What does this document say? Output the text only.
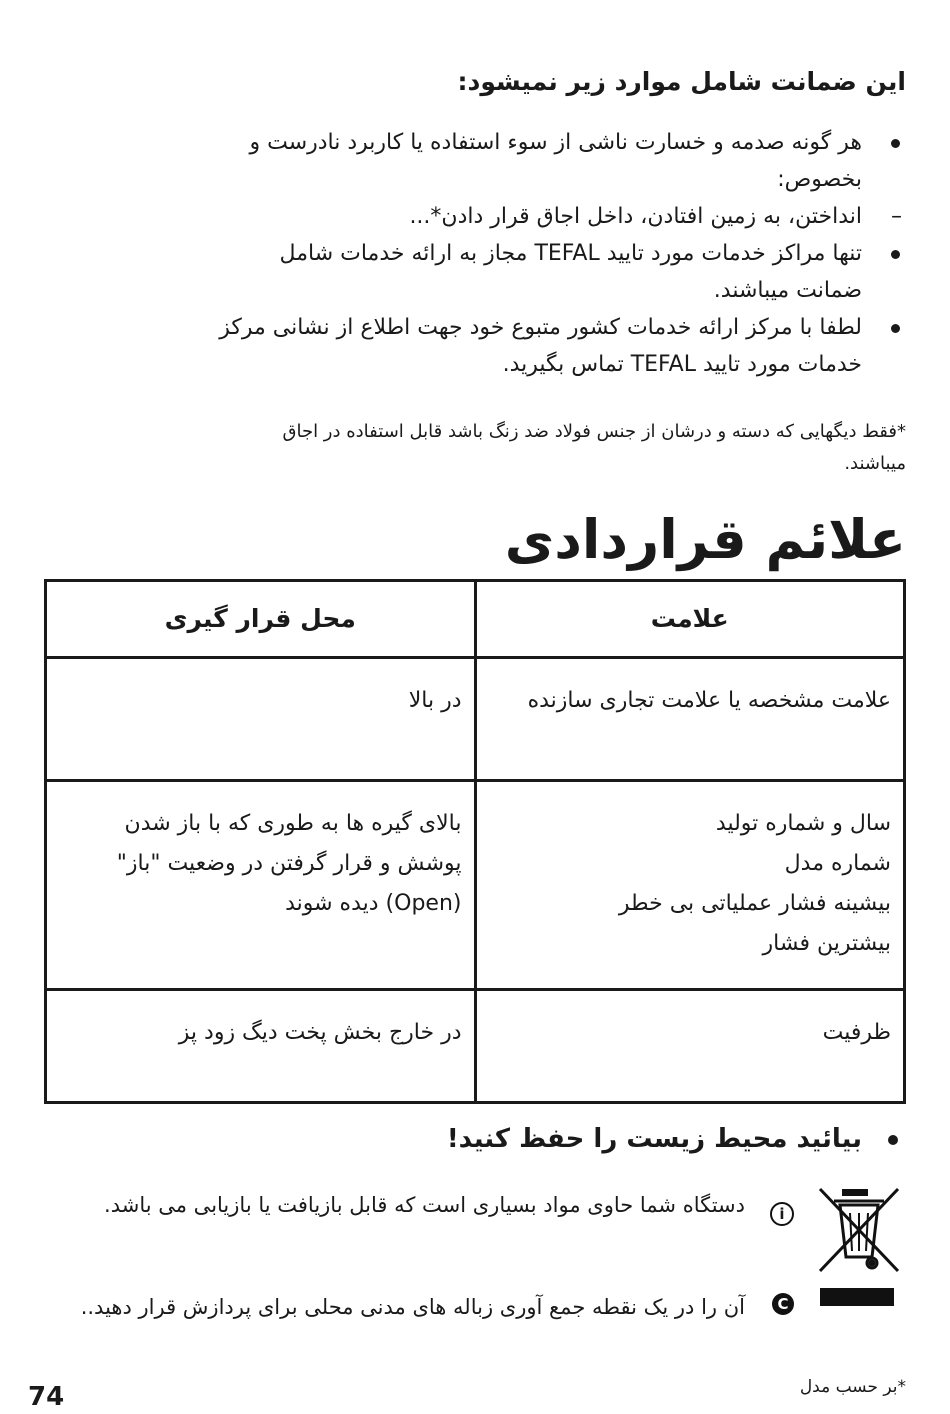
این ضمانت شامل موارد زیر نمیشود:
هر گونه صدمه و خسارت ناشی از سوء استفاده یا کاربرد نادرست و بخصوص:
– انداختن، به زمین افتادن، داخل اجاق قرار دادن*...
تنها مراکز خدمات مورد تایید TEFAL مجاز به ارائه خدمات شامل ضمانت میباشند.
لطفا با مرکز ارائه خدمات کشور متبوع خود جهت اطلاع از نشانی مرکز خدمات مورد تایید TEFAL تماس بگیرید.
*فقط دیگهایی که دسته و درشان از جنس فولاد ضد زنگ باشد قابل استفاده در اجاق میباشند.
علائم قراردادی
علامت	محل قرار گیری
علامت مشخصه یا علامت تجاری سازنده	در بالا
سال و شماره تولید
شماره مدل
بیشینه فشار عملیاتی بی خطر
بیشترین فشار	بالای گیره ها به طوری که با باز شدن پوشش و قرار گرفتن در وضعیت "باز" (Open) دیده شوند
ظرفیت	در خارج بخش پخت دیگ زود پز
بیائید محیط زیست را حفظ کنید!
i
دستگاه شما حاوی مواد بسیاری است که قابل بازیافت یا بازیابی می باشد.
C
آن را در یک نقطه جمع آوری زباله های مدنی محلی برای پردازش قرار دهید..
74	*بر حسب مدل
